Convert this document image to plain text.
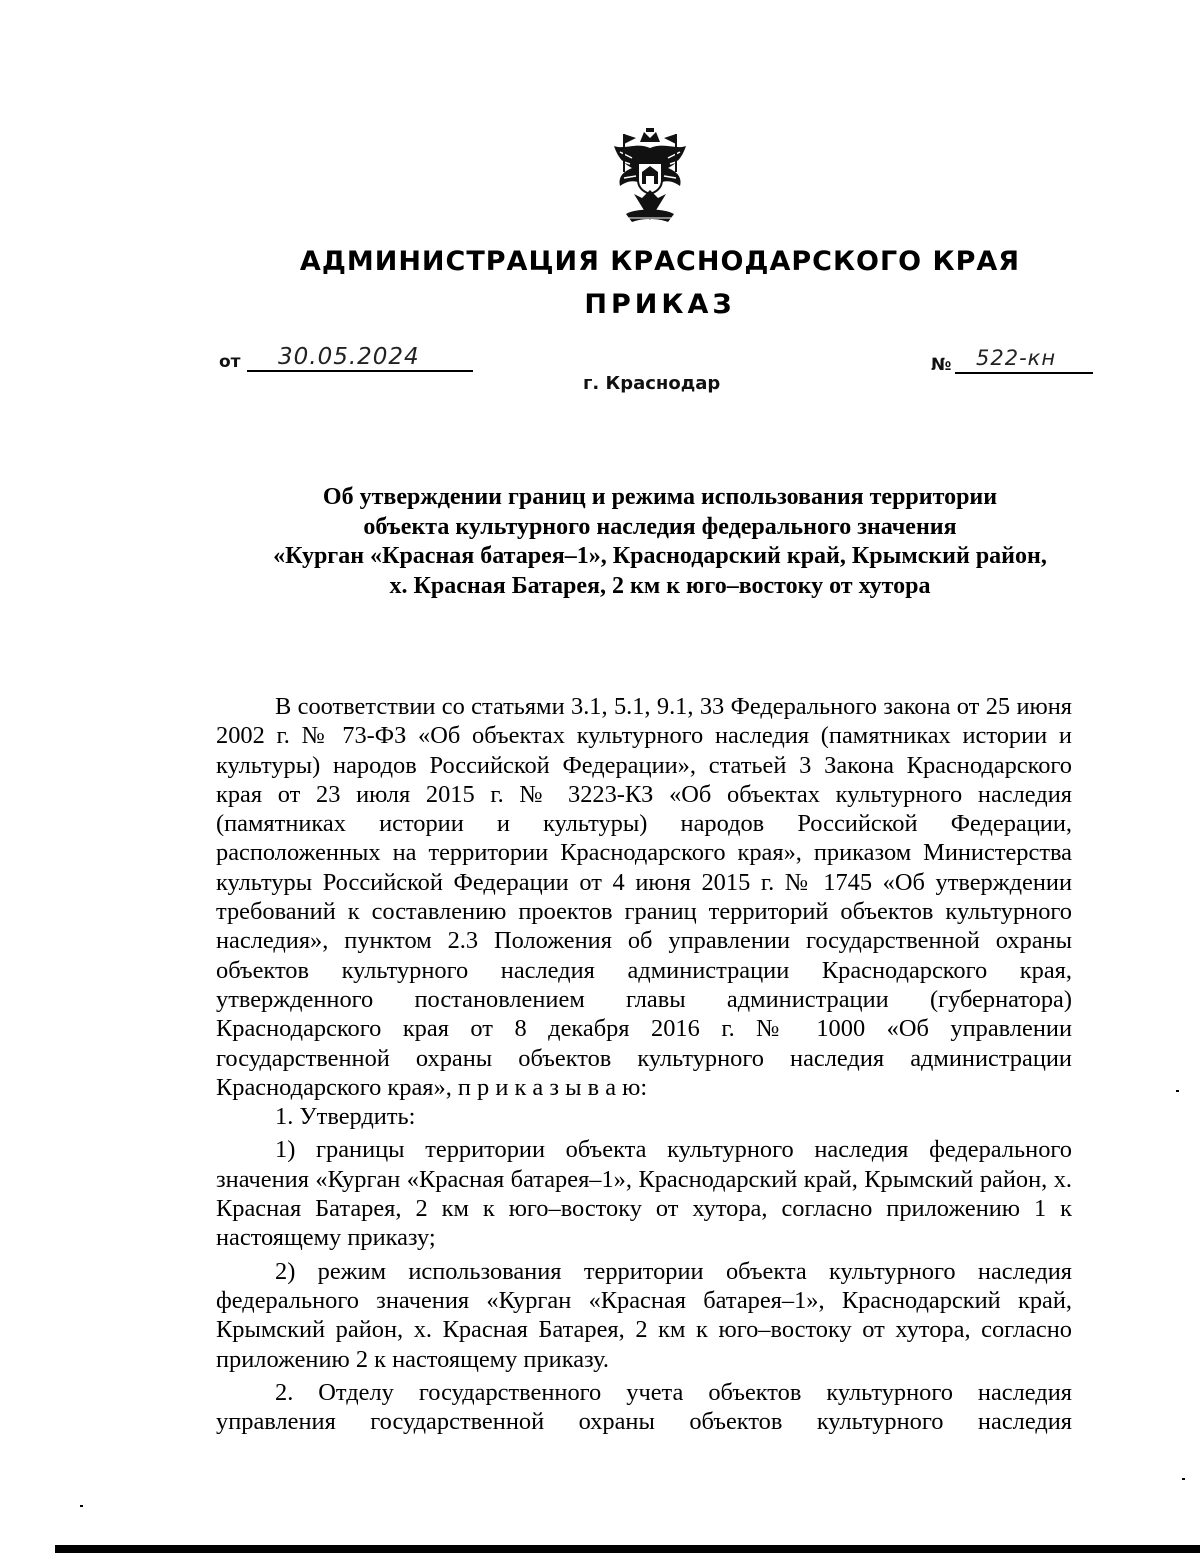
АДМИНИСТРАЦИЯ КРАСНОДАРСКОГО КРАЯ
ПРИКАЗ
от 30.05.2024	№ 522-кн
г. Краснодар
Об утверждении границ и режима использования территории
объекта культурного наследия федерального значения
«Курган «Красная батарея–1», Краснодарский край, Крымский район,
х. Красная Батарея, 2 км к юго–востоку от хутора

В соответствии со статьями 3.1, 5.1, 9.1, 33 Федерального закона от 25 июня 2002 г. № 73-ФЗ «Об объектах культурного наследия (памятниках истории и культуры) народов Российской Федерации», статьей 3 Закона Краснодарского края от 23 июля 2015 г. № 3223-КЗ «Об объектах культурного наследия (памятниках истории и культуры) народов Российской Федерации, расположенных на территории Краснодарского края», приказом Министерства культуры Российской Федерации от 4 июня 2015 г. № 1745 «Об утверждении требований к составлению проектов границ территорий объектов культурного наследия», пунктом 2.3 Положения об управлении государственной охраны объектов культурного наследия администрации Краснодарского края, утвержденного постановлением главы администрации (губернатора) Краснодарского края от 8 декабря 2016 г. № 1000 «Об управлении государственной охраны объектов культурного наследия администрации Краснодарского края», п р и к а з ы в а ю:

1. Утвердить:

1) границы территории объекта культурного наследия федерального значения «Курган «Красная батарея–1», Краснодарский край, Крымский район, х. Красная Батарея, 2 км к юго–востоку от хутора, согласно приложению 1 к настоящему приказу;

2) режим использования территории объекта культурного наследия федерального значения «Курган «Красная батарея–1», Краснодарский край, Крымский район, х. Красная Батарея, 2 км к юго–востоку от хутора, согласно приложению 2 к настоящему приказу.

2. Отделу государственного учета объектов культурного наследия управления государственной охраны объектов культурного наследия
